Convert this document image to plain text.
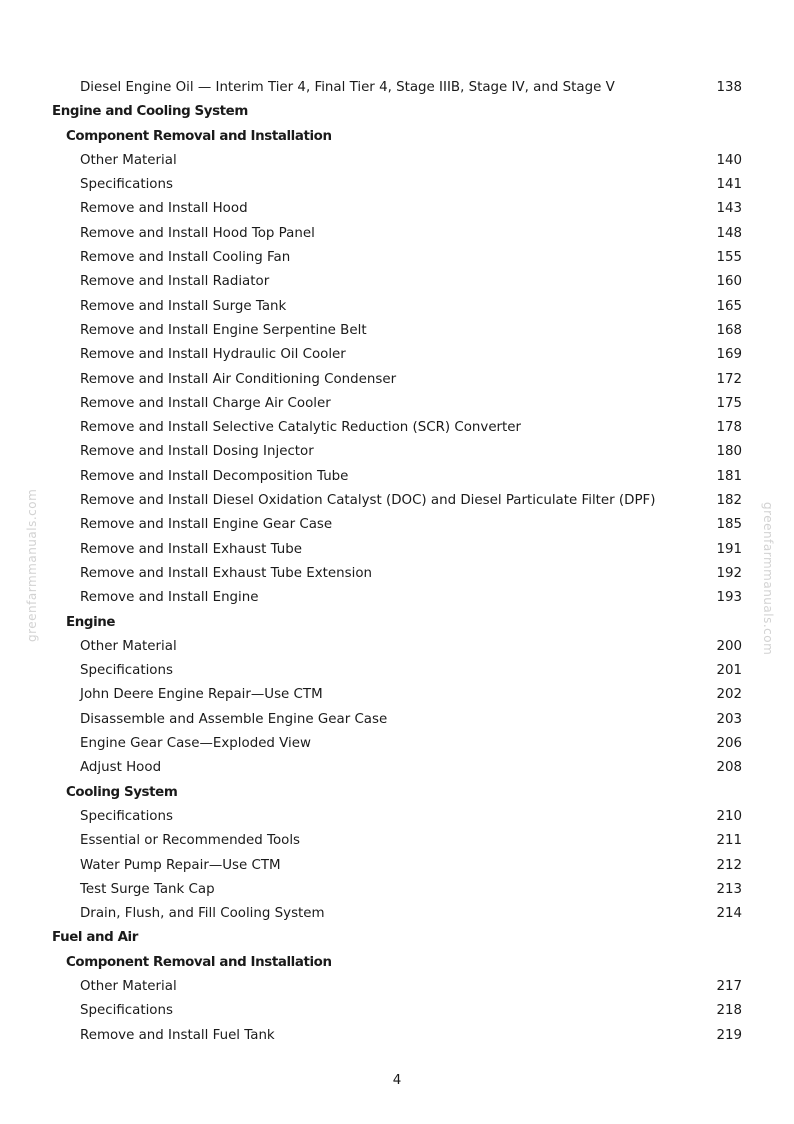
greenfarmmanuals.com	greenfarmmanuals.com
Diesel Engine Oil — Interim Tier 4, Final Tier 4, Stage IIIB, Stage IV, and Stage V	138
Engine and Cooling System
Component Removal and Installation
Other Material	140
Specifications	141
Remove and Install Hood	143
Remove and Install Hood Top Panel	148
Remove and Install Cooling Fan	155
Remove and Install Radiator	160
Remove and Install Surge Tank	165
Remove and Install Engine Serpentine Belt	168
Remove and Install Hydraulic Oil Cooler	169
Remove and Install Air Conditioning Condenser	172
Remove and Install Charge Air Cooler	175
Remove and Install Selective Catalytic Reduction (SCR) Converter	178
Remove and Install Dosing Injector	180
Remove and Install Decomposition Tube	181
Remove and Install Diesel Oxidation Catalyst (DOC) and Diesel Particulate Filter (DPF)	182
Remove and Install Engine Gear Case	185
Remove and Install Exhaust Tube	191
Remove and Install Exhaust Tube Extension	192
Remove and Install Engine	193
Engine
Other Material	200
Specifications	201
John Deere Engine Repair—Use CTM	202
Disassemble and Assemble Engine Gear Case	203
Engine Gear Case—Exploded View	206
Adjust Hood	208
Cooling System
Specifications	210
Essential or Recommended Tools	211
Water Pump Repair—Use CTM	212
Test Surge Tank Cap	213
Drain, Flush, and Fill Cooling System	214
Fuel and Air
Component Removal and Installation
Other Material	217
Specifications	218
Remove and Install Fuel Tank	219
4
